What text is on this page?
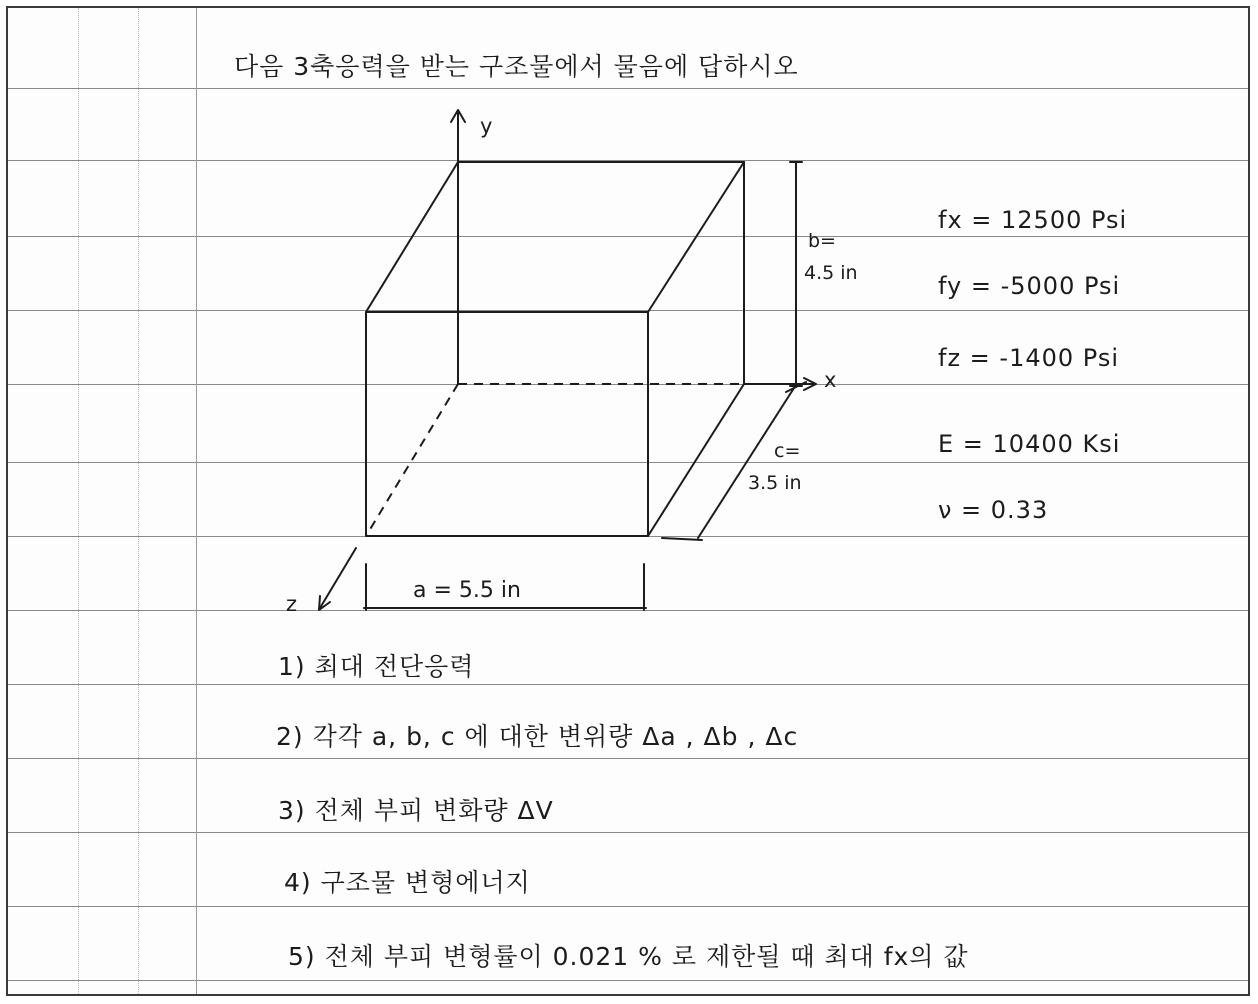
다음 3축응력을 받는 구조물에서 물음에 답하시오
y
x
z
b=
4.5 in
c=
3.5 in
a = 5.5 in
fx = 12500 Psi
fy = -5000 Psi
fz = -1400 Psi
E = 10400 Ksi
ν = 0.33
1) 최대 전단응력
2) 각각 a, b, c 에 대한 변위량 Δa , Δb , Δc
3) 전체 부피 변화량 ΔV
4) 구조물 변형에너지
5) 전체 부피 변형률이 0.021 % 로 제한될 때 최대 fx의 값
